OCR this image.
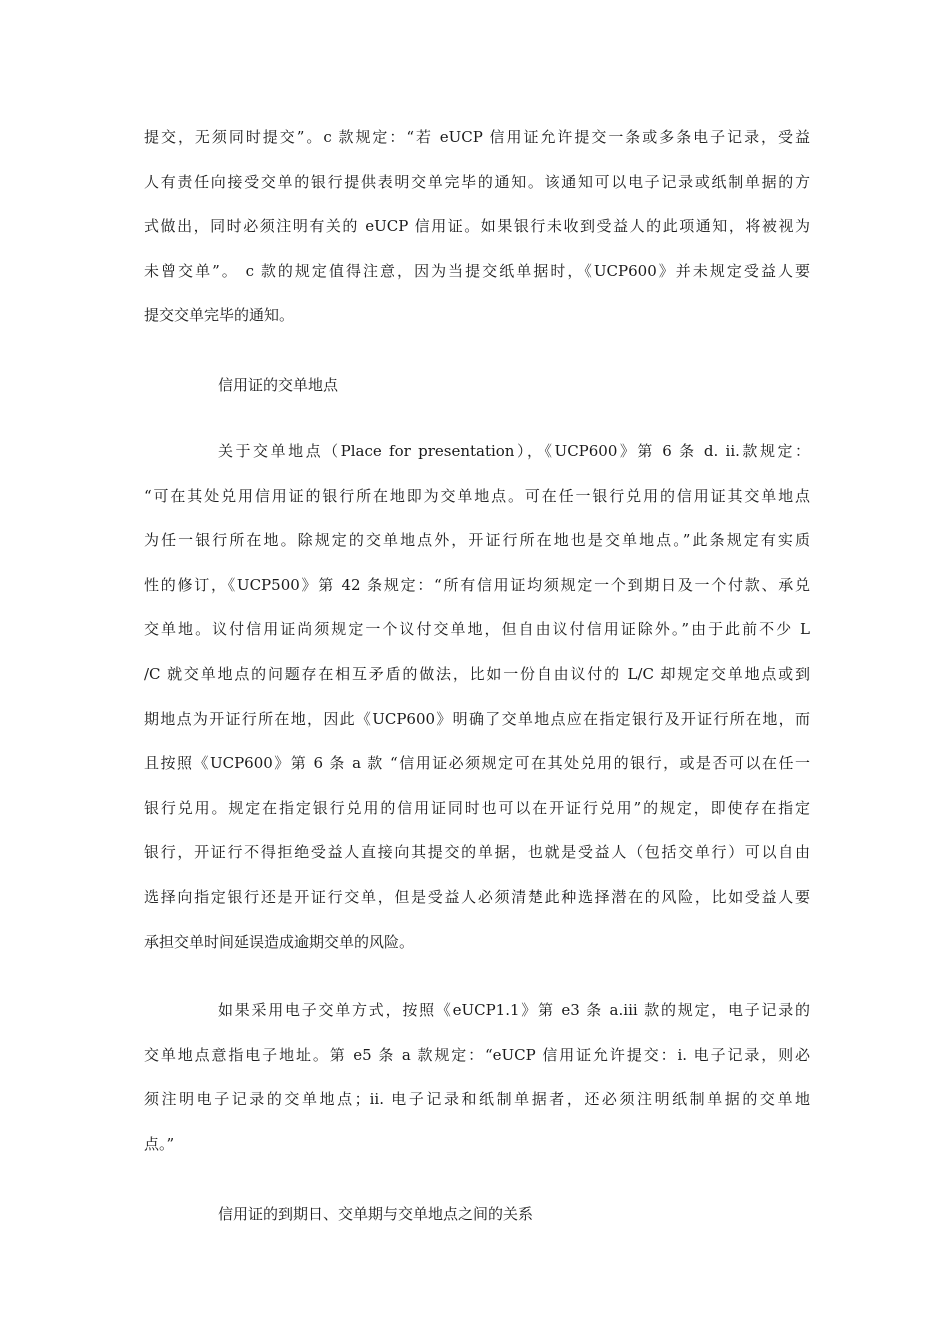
提交，无须同时提交”。c 款规定：“若 eUCP 信用证允许提交一条或多条电子记录，受益
人有责任向接受交单的银行提供表明交单完毕的通知。该通知可以电子记录或纸制单据的方
式做出，同时必须注明有关的 eUCP 信用证。如果银行未收到受益人的此项通知，将被视为
未曾交单”。 c 款的规定值得注意，因为当提交纸单据时，《UCP600》并未规定受益人要
提交交单完毕的通知。
信用证的交单地点
关于交单地点（Place for presentation），《UCP600》第 6 条 d. ii.款规定：
“可在其处兑用信用证的银行所在地即为交单地点。可在任一银行兑用的信用证其交单地点
为任一银行所在地。除规定的交单地点外，开证行所在地也是交单地点。”此条规定有实质
性的修订，《UCP500》第 42 条规定：“所有信用证均须规定一个到期日及一个付款、承兑
交单地。议付信用证尚须规定一个议付交单地，但自由议付信用证除外。”由于此前不少 L
/C 就交单地点的问题存在相互矛盾的做法，比如一份自由议付的 L/C 却规定交单地点或到
期地点为开证行所在地，因此《UCP600》明确了交单地点应在指定银行及开证行所在地，而
且按照《UCP600》第 6 条 a 款 “信用证必须规定可在其处兑用的银行，或是否可以在任一
银行兑用。规定在指定银行兑用的信用证同时也可以在开证行兑用”的规定，即使存在指定
银行，开证行不得拒绝受益人直接向其提交的单据，也就是受益人（包括交单行）可以自由
选择向指定银行还是开证行交单，但是受益人必须清楚此种选择潜在的风险，比如受益人要
承担交单时间延误造成逾期交单的风险。
如果采用电子交单方式，按照《eUCP1.1》第 e3 条 a.iii 款的规定，电子记录的
交单地点意指电子地址。第 e5 条 a 款规定：“eUCP 信用证允许提交：i. 电子记录，则必
须注明电子记录的交单地点；ii. 电子记录和纸制单据者，还必须注明纸制单据的交单地
点。”
信用证的到期日、交单期与交单地点之间的关系
